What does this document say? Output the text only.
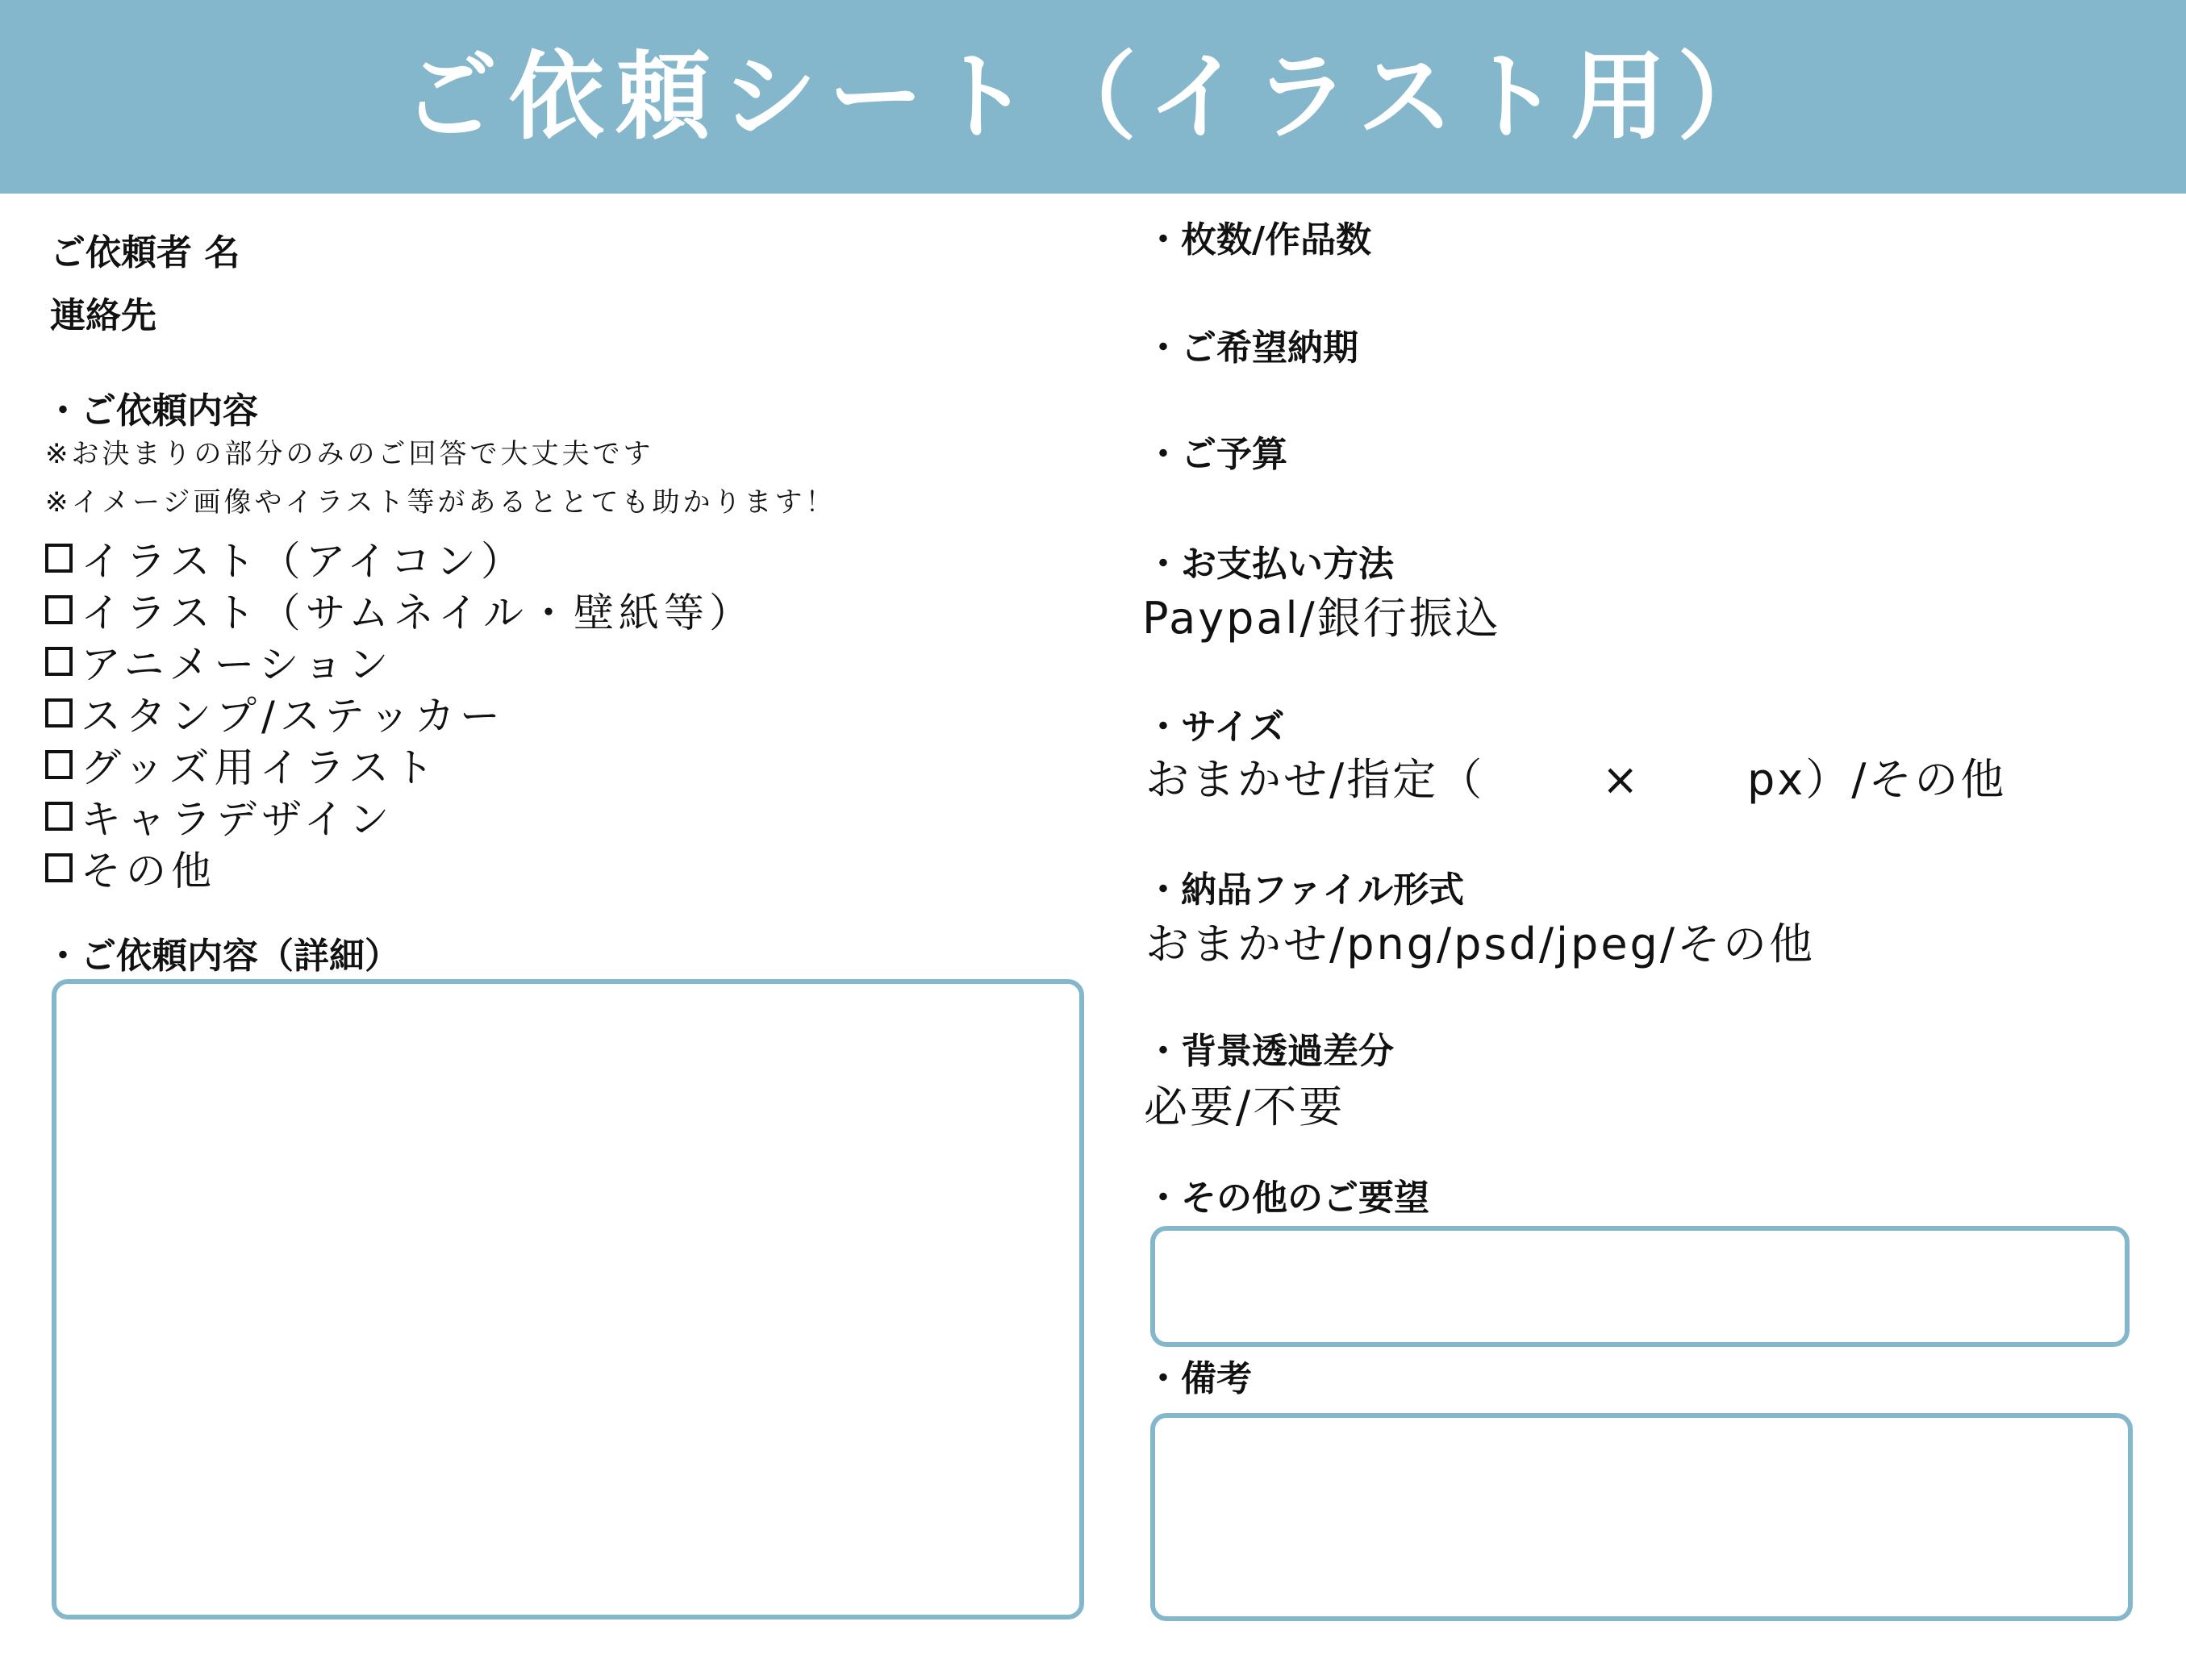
ご依頼シート（イラスト用）
ご依頼者 名
連絡先
・ご依頼内容
※お決まりの部分のみのご回答で大丈夫です
※イメージ画像やイラスト等があるととても助かります！
イラスト（アイコン）
イラスト（サムネイル・壁紙等）
アニメーション
スタンプ/ステッカー
グッズ用イラスト
キャラデザイン
その他
・ご依頼内容（詳細）
・枚数/作品数
・ご希望納期
・ご予算
・お支払い方法
Paypal/銀行振込
・サイズ
おまかせ/指定（	× px）/その他
・納品ファイル形式
おまかせ/png/psd/jpeg/その他
・背景透過差分
必要/不要
・その他のご要望
・備考
